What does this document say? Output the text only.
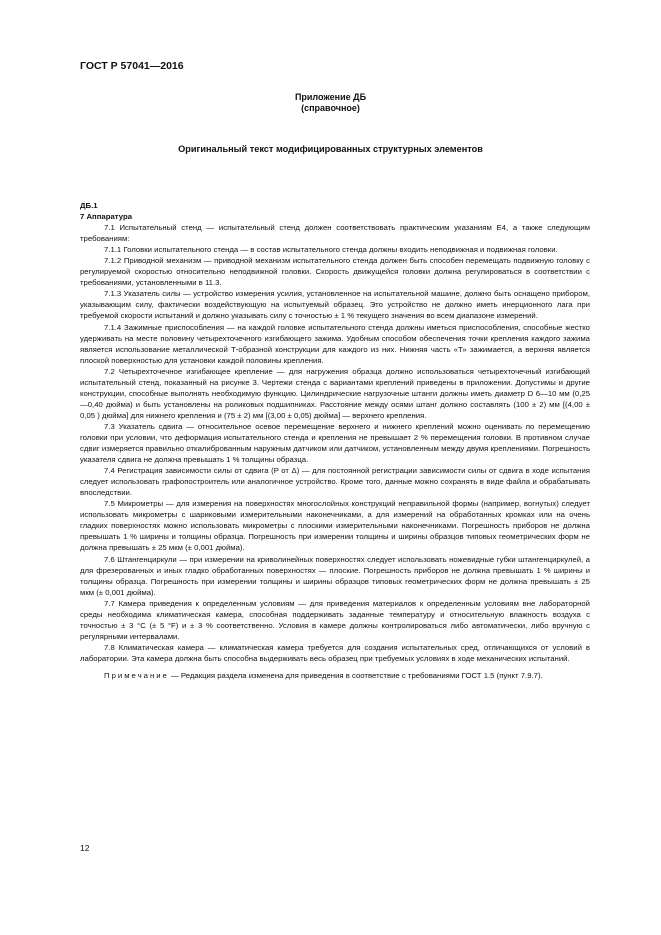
ГОСТ Р 57041—2016
Приложение ДБ
(справочное)
Оригинальный текст модифицированных структурных элементов
ДБ.1
7 Аппаратура

7.1 Испытательный стенд — испытательный стенд должен соответствовать практическим указаниям E4, а также следующим требованиям:

7.1.1 Головки испытательного стенда — в состав испытательного стенда должны входить неподвижная и подвижная головки.

7.1.2 Приводной механизм — приводной механизм испытательного стенда должен быть способен перемещать подвижную головку с регулируемой скоростью относительно неподвижной головки. Скорость движущейся головки должна регулироваться в соответствии с требованиями, установленными в 11.3.

7.1.3 Указатель силы — устройство измерения усилия, установленное на испытательной машине, должно быть оснащено прибором, указывающим силу, фактически воздействующую на испытуемый образец. Это устройство не должно иметь инерционного лага при требуемой скорости испытаний и должно указывать силу с точностью ± 1 % текущего значения во всем диапазоне измерений.

7.1.4 Зажимные приспособления — на каждой головке испытательного стенда должны иметься приспособления, способные жестко удерживать на месте половину четырехточечного изгибающего зажима. Удобным способом обеспечения точки крепления каждого зажима является использование металлической Т-образной конструкции для каждого из них. Нижняя часть «Т» зажимается, а верхняя является плоской поверхностью для установки каждой половины крепления.

7.2 Четырехточечное изгибающее крепление — для нагружения образца должно использоваться четырехточечный изгибающий испытательный стенд, показанный на рисунке 3. Чертежи стенда с вариантами креплений приведены в приложении. Допустимы и другие конструкции, способные выполнять необходимую функцию. Цилиндрические нагрузочные штанги должны иметь диаметр D 6—10 мм (0,25—0,40 дюйма) и быть установлены на роликовых подшипниках. Расстояние между осями штанг должно составлять (100 ± 2) мм [(4,00 ± 0,05 ) дюйма] для нижнего крепления и (75 ± 2) мм [(3,00 ± 0,05) дюйма] — верхнего крепления.

7.3 Указатель сдвига — относительное осевое перемещение верхнего и нижнего креплений можно оценивать по перемещению головки при условии, что деформация испытательного стенда и крепления не превышает 2 % перемещения головки. В противном случае сдвиг измеряется правильно откалиброванным наружным датчиком или датчиком, установленным между двумя креплениями. Погрешность указателя сдвига не должна превышать 1 % толщины образца.

7.4 Регистрация зависимости силы от сдвига (P от Δ) — для постоянной регистрации зависимости силы от сдвига в ходе испытания следует использовать графопостроитель или аналогичное устройство. Кроме того, данные можно сохранять в виде файла и обрабатывать впоследствии.

7.5 Микрометры — для измерения на поверхностях многослойных конструкций неправильной формы (например, вогнутых) следует использовать микрометры с шариковыми измерительными наконечниками, а для измерений на обработанных кромках или на очень гладких поверхностях можно использовать микрометры с плоскими измерительными наконечниками. Погрешность приборов не должна превышать 1 % ширины и толщины образца. Погрешность при измерении толщины и ширины образцов типовых геометрических форм не должна превышать ± 25 мкм (± 0,001 дюйма).

7.6 Штангенциркули — при измерении на криволинейных поверхностях следует использовать ножевидные губки штангенциркулей, а для фрезерованных и иных гладко обработанных поверхностях — плоские. Погрешность приборов не должна превышать 1 % ширины и толщины образца. Погрешность при измерении толщины и ширины образцов типовых геометрических форм не должна превышать ± 25 мкм (± 0,001 дюйма).

7.7 Камера приведения к определенным условиям — для приведения материалов к определенным условиям вне лабораторной среды необходима климатическая камера, способная поддерживать заданные температуру и относительную влажность воздуха с точностью ± 3 °С (± 5 °F) и ± 3 % соответственно. Условия в камере должны контролироваться либо автоматически, либо вручную с регулярными интервалами.

7.8 Климатическая камера — климатическая камера требуется для создания испытательных сред, отличающихся от условий в лаборатории. Эта камера должна быть способна выдерживать весь образец при требуемых условиях в ходе механических испытаний.

Примечание — Редакция раздела изменена для приведения в соответствие с требованиями ГОСТ 1.5 (пункт 7.9.7).

12
